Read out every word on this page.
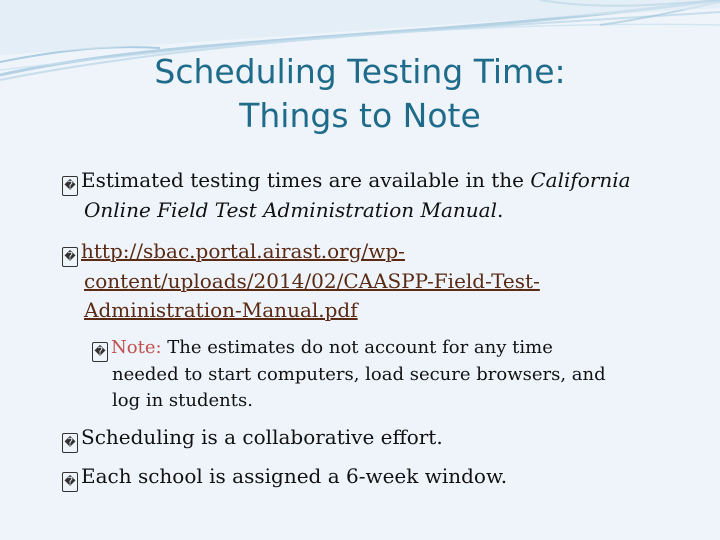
Scheduling Testing Time:
Things to Note
� Estimated testing times are available in the California
Online Field Test Administration Manual.
� http://sbac.portal.airast.org/wp-
content/uploads/2014/02/CAASPP-Field-Test-
Administration-Manual.pdf
� Note: The estimates do not account for any time
needed to start computers, load secure browsers, and
log in students.
� Scheduling is a collaborative effort.
� Each school is assigned a 6-week window.
